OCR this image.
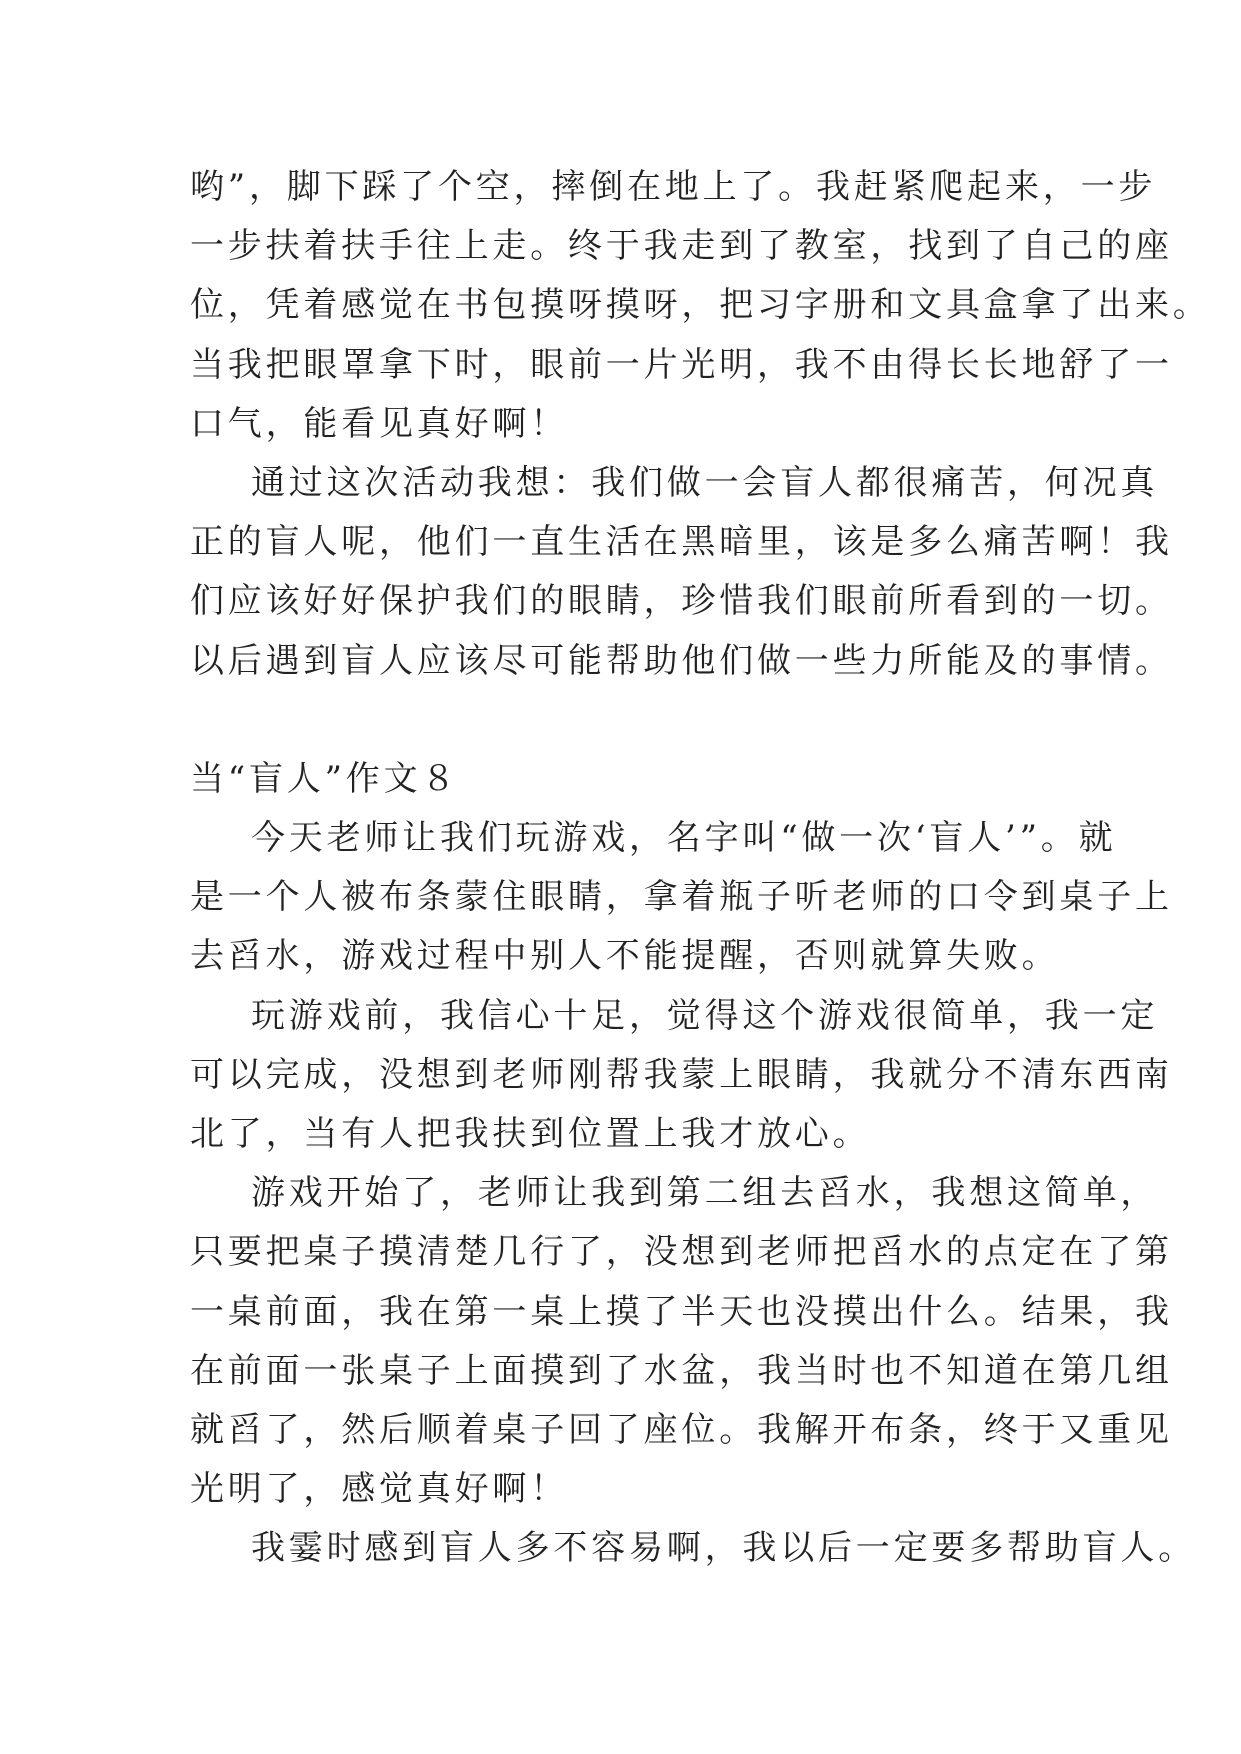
哟”，脚下踩了个空，摔倒在地上了。我赶紧爬起来，一步
一步扶着扶手往上走。终于我走到了教室，找到了自己的座
位，凭着感觉在书包摸呀摸呀，把习字册和文具盒拿了出来。
当我把眼罩拿下时，眼前一片光明，我不由得长长地舒了一
口气，能看见真好啊！

通过这次活动我想：我们做一会盲人都很痛苦，何况真
正的盲人呢，他们一直生活在黑暗里，该是多么痛苦啊！我
们应该好好保护我们的眼睛，珍惜我们眼前所看到的一切。
以后遇到盲人应该尽可能帮助他们做一些力所能及的事情。

当“盲人”作文８

今天老师让我们玩游戏，名字叫“做一次‘盲人’”。就
是一个人被布条蒙住眼睛，拿着瓶子听老师的口令到桌子上
去舀水，游戏过程中别人不能提醒，否则就算失败。

玩游戏前，我信心十足，觉得这个游戏很简单，我一定
可以完成，没想到老师刚帮我蒙上眼睛，我就分不清东西南
北了，当有人把我扶到位置上我才放心。

游戏开始了，老师让我到第二组去舀水，我想这简单，
只要把桌子摸清楚几行了，没想到老师把舀水的点定在了第
一桌前面，我在第一桌上摸了半天也没摸出什么。结果，我
在前面一张桌子上面摸到了水盆，我当时也不知道在第几组
就舀了，然后顺着桌子回了座位。我解开布条，终于又重见
光明了，感觉真好啊！

我霎时感到盲人多不容易啊，我以后一定要多帮助盲人。
